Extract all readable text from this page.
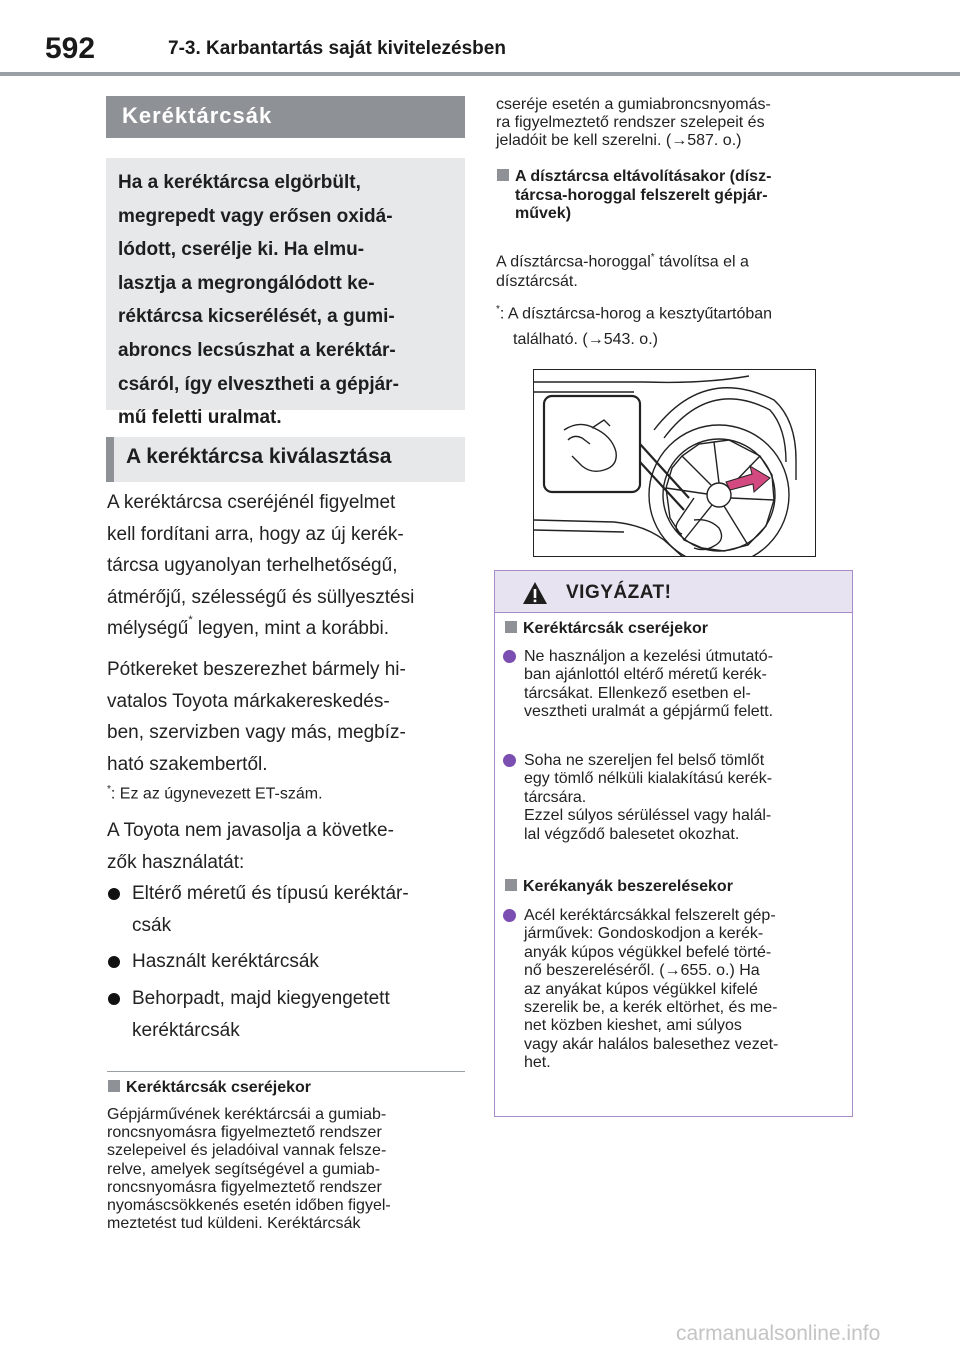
592	7-3. Karbantartás saját kivitelezésben
Keréktárcsák

Ha a keréktárcsa elgörbült,

megrepedt vagy erősen oxidá-

lódott, cserélje ki. Ha elmu-

lasztja a megrongálódott ke-

réktárcsa kicserélését, a gumi-

abroncs lecsúszhat a keréktár-

csáról, így elvesztheti a gépjár-

mű feletti uralmat.

A keréktárcsa kiválasztása
A keréktárcsa cseréjénél figyelmet
kell fordítani arra, hogy az új kerék-
tárcsa ugyanolyan terhelhetőségű,
átmérőjű, szélességű és süllyesztési
mélységű* legyen, mint a korábbi.
Pótkereket beszerezhet bármely hi-
vatalos Toyota márkakereskedés-
ben, szervizben vagy más, megbíz-
ható szakembertől.
*: Ez az úgynevezett ET-szám.
A Toyota nem javasolja a követke-
zők használatát:
Eltérő méretű és típusú keréktár-
csák
Használt keréktárcsák
Behorpadt, majd kiegyengetett
keréktárcsák
Keréktárcsák cseréjekor
Gépjárművének keréktárcsái a gumiab-
roncsnyomásra figyelmeztető rendszer
szelepeivel és jeladóival vannak felsze-
relve, amelyek segítségével a gumiab-
roncsnyomásra figyelmeztető rendszer
nyomáscsökkenés esetén időben figyel-
meztetést tud küldeni. Keréktárcsák
cseréje esetén a gumiabroncsnyomás-
ra figyelmeztető rendszer szelepeit és
jeladóit be kell szerelni. (→587. o.)
A dísztárcsa eltávolításakor (dísz-
tárcsa-horoggal felszerelt gépjár-
művek)
A dísztárcsa-horoggal* távolítsa el a
dísztárcsát.
*: A dísztárcsa-horog a kesztyűtartóban
található. (→543. o.)
VIGYÁZAT!
Keréktárcsák cseréjekor
Ne használjon a kezelési útmutató-
ban ajánlottól eltérő méretű kerék-
tárcsákat. Ellenkező esetben el-
vesztheti uralmát a gépjármű felett.
Soha ne szereljen fel belső tömlőt
egy tömlő nélküli kialakítású kerék-
tárcsára.
Ezzel súlyos sérüléssel vagy halál-
lal végződő balesetet okozhat.
Kerékanyák beszerelésekor
Acél keréktárcsákkal felszerelt gép-
járművek: Gondoskodjon a kerék-
anyák kúpos végükkel befelé törté-
nő beszereléséről. (→655. o.) Ha
az anyákat kúpos végükkel kifelé
szerelik be, a kerék eltörhet, és me-
net közben kieshet, ami súlyos
vagy akár halálos balesethez vezet-
het.
carmanualsonline.info
